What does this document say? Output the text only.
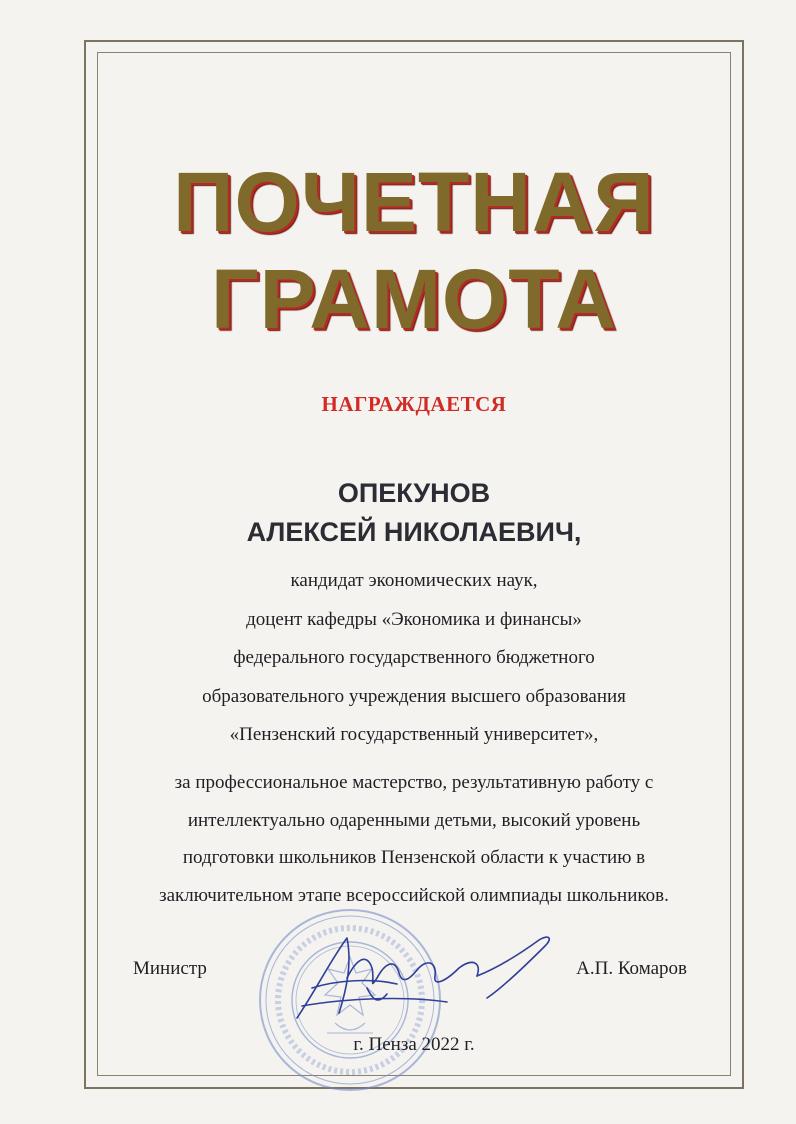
ПОЧЕТНАЯ
ГРАМОТА
НАГРАЖДАЕТСЯ
ОПЕКУНОВ
АЛЕКСЕЙ НИКОЛАЕВИЧ,
кандидат экономических наук,
доцент кафедры «Экономика и финансы»
федерального государственного бюджетного
образовательного учреждения высшего образования
«Пензенский государственный университет»,
за профессиональное мастерство, результативную работу с
интеллектуально одаренными детьми, высокий уровень
подготовки школьников Пензенской области к участию в
заключительном этапе всероссийской олимпиады школьников.
Министр	А.П. Комаров
г. Пенза 2022 г.
